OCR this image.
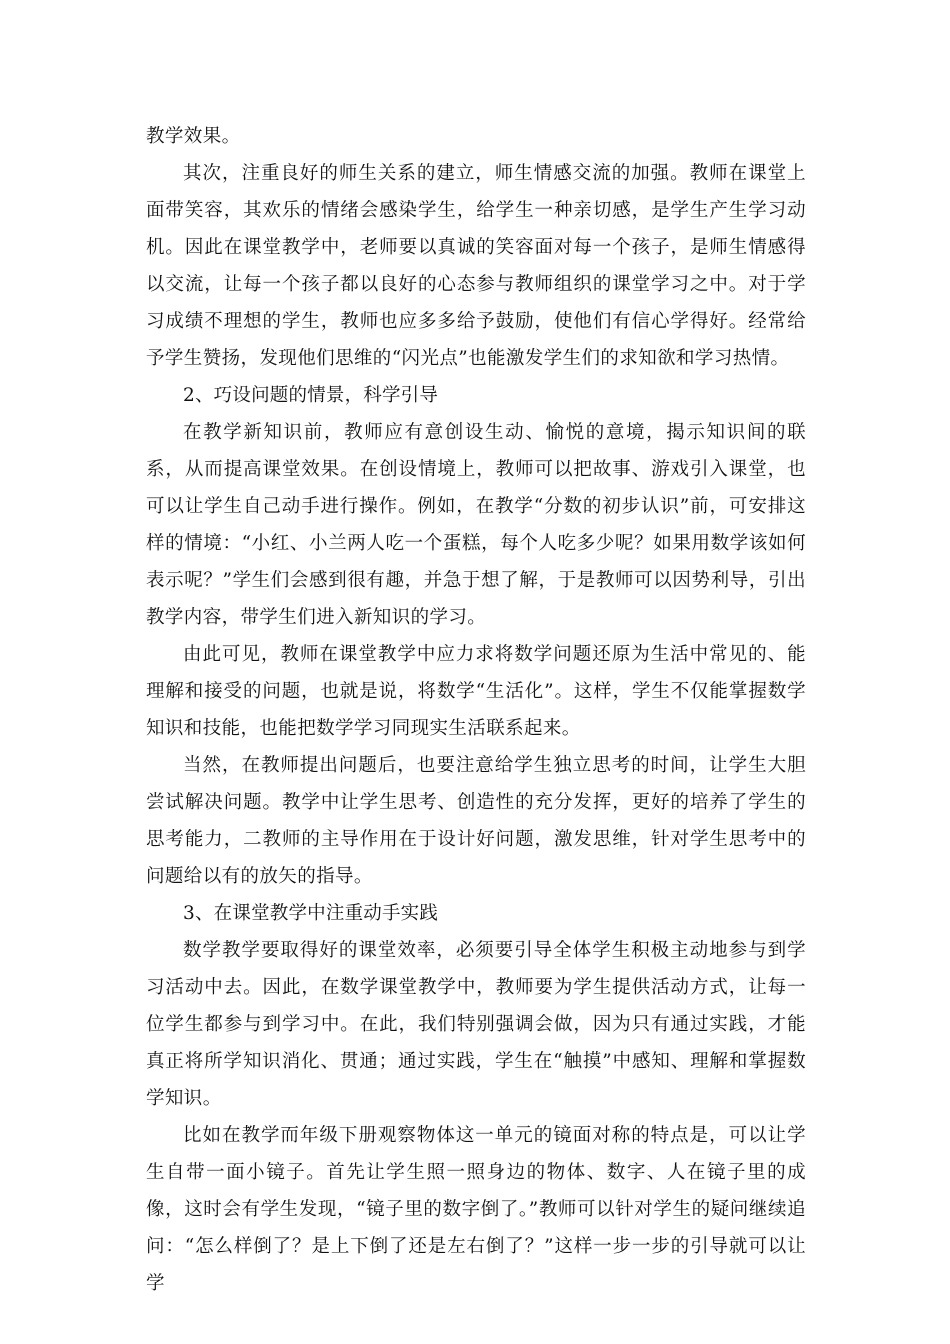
教学效果。

其次，注重良好的师生关系的建立，师生情感交流的加强。教师在课堂上面带笑容，其欢乐的情绪会感染学生，给学生一种亲切感，是学生产生学习动机。因此在课堂教学中，老师要以真诚的笑容面对每一个孩子，是师生情感得以交流，让每一个孩子都以良好的心态参与教师组织的课堂学习之中。对于学习成绩不理想的学生，教师也应多多给予鼓励，使他们有信心学得好。经常给予学生赞扬，发现他们思维的“闪光点”也能激发学生们的求知欲和学习热情。

2、巧设问题的情景，科学引导

在教学新知识前，教师应有意创设生动、愉悦的意境，揭示知识间的联系，从而提高课堂效果。在创设情境上，教师可以把故事、游戏引入课堂，也可以让学生自己动手进行操作。例如，在教学“分数的初步认识”前，可安排这样的情境：“小红、小兰两人吃一个蛋糕，每个人吃多少呢？如果用数学该如何表示呢？”学生们会感到很有趣，并急于想了解，于是教师可以因势利导，引出教学内容，带学生们进入新知识的学习。

由此可见，教师在课堂教学中应力求将数学问题还原为生活中常见的、能理解和接受的问题，也就是说，将数学“生活化”。这样，学生不仅能掌握数学知识和技能，也能把数学学习同现实生活联系起来。

当然，在教师提出问题后，也要注意给学生独立思考的时间，让学生大胆尝试解决问题。教学中让学生思考、创造性的充分发挥，更好的培养了学生的思考能力，二教师的主导作用在于设计好问题，激发思维，针对学生思考中的问题给以有的放矢的指导。

3、在课堂教学中注重动手实践

数学教学要取得好的课堂效率，必须要引导全体学生积极主动地参与到学习活动中去。因此，在数学课堂教学中，教师要为学生提供活动方式，让每一位学生都参与到学习中。在此，我们特别强调会做，因为只有通过实践，才能真正将所学知识消化、贯通；通过实践，学生在“触摸”中感知、理解和掌握数学知识。

比如在教学而年级下册观察物体这一单元的镜面对称的特点是，可以让学生自带一面小镜子。首先让学生照一照身边的物体、数字、人在镜子里的成像，这时会有学生发现，“镜子里的数字倒了。”教师可以针对学生的疑问继续追问：“怎么样倒了？是上下倒了还是左右倒了？”这样一步一步的引导就可以让学
